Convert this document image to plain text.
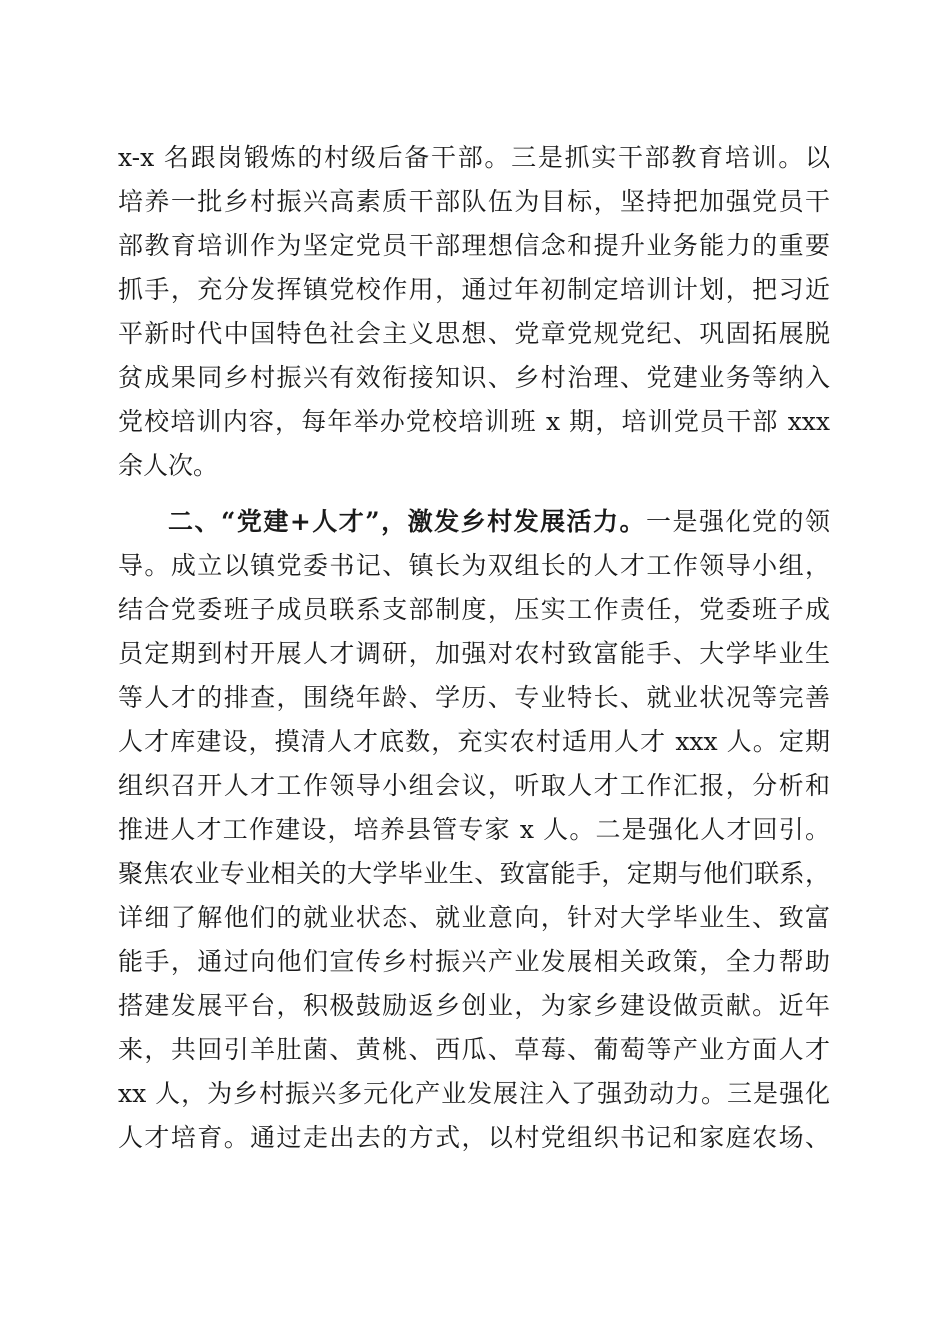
x-x 名跟岗锻炼的村级后备干部。三是抓实干部教育培训。以
培养一批乡村振兴高素质干部队伍为目标，坚持把加强党员干
部教育培训作为坚定党员干部理想信念和提升业务能力的重要
抓手，充分发挥镇党校作用，通过年初制定培训计划，把习近
平新时代中国特色社会主义思想、党章党规党纪、巩固拓展脱
贫成果同乡村振兴有效衔接知识、乡村治理、党建业务等纳入
党校培训内容，每年举办党校培训班 x 期，培训党员干部 xxx
余人次。
二、“党建+人才”，激发乡村发展活力。一是强化党的领
导。成立以镇党委书记、镇长为双组长的人才工作领导小组，
结合党委班子成员联系支部制度，压实工作责任，党委班子成
员定期到村开展人才调研，加强对农村致富能手、大学毕业生
等人才的排查，围绕年龄、学历、专业特长、就业状况等完善
人才库建设，摸清人才底数，充实农村适用人才 xxx 人。定期
组织召开人才工作领导小组会议，听取人才工作汇报，分析和
推进人才工作建设，培养县管专家 x 人。二是强化人才回引。
聚焦农业专业相关的大学毕业生、致富能手，定期与他们联系，
详细了解他们的就业状态、就业意向，针对大学毕业生、致富
能手，通过向他们宣传乡村振兴产业发展相关政策，全力帮助
搭建发展平台，积极鼓励返乡创业，为家乡建设做贡献。近年
来，共回引羊肚菌、黄桃、西瓜、草莓、葡萄等产业方面人才
xx 人，为乡村振兴多元化产业发展注入了强劲动力。三是强化
人才培育。通过走出去的方式，以村党组织书记和家庭农场、
